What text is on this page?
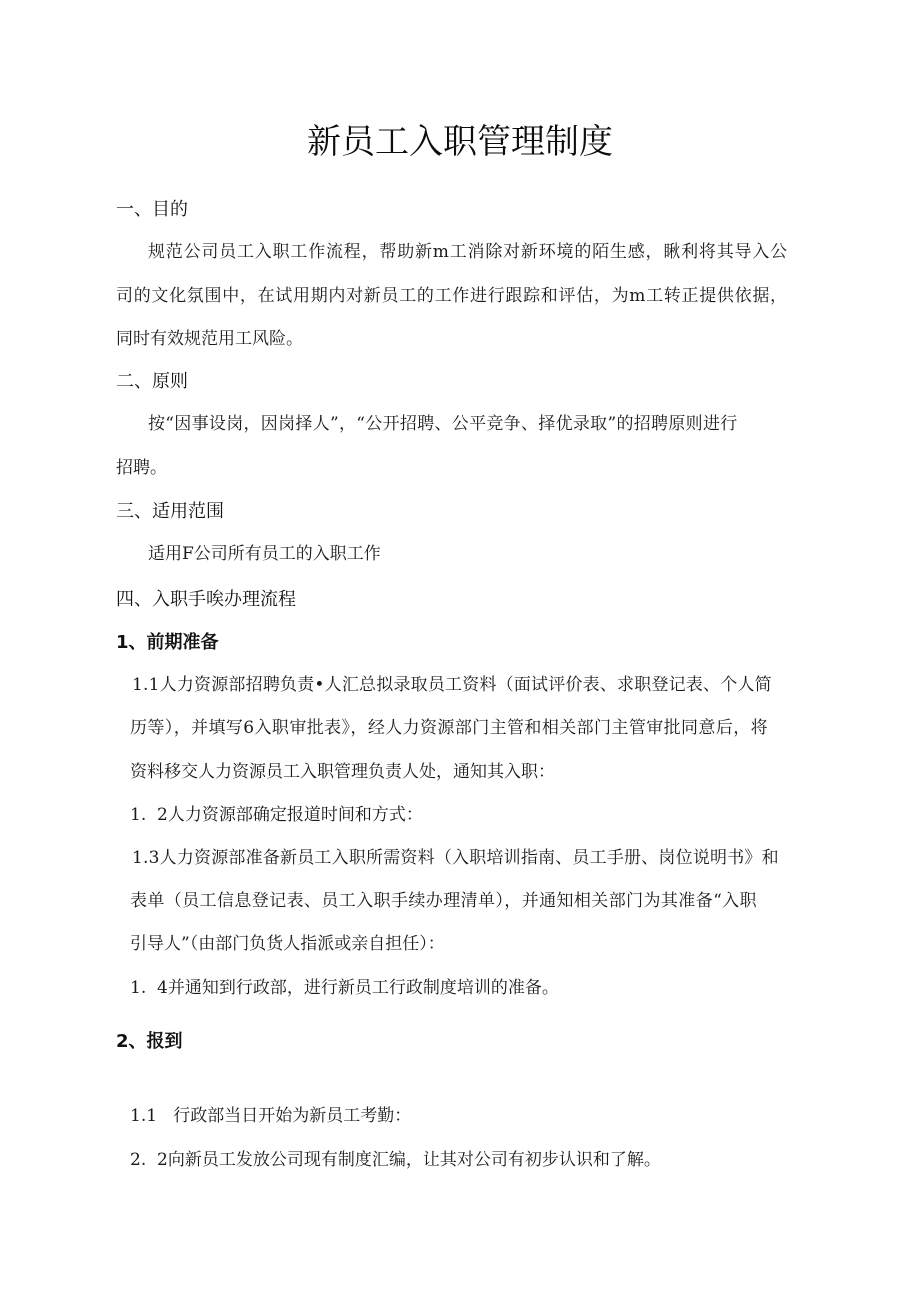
新员工入职管理制度
一、目的
规范公司员工入职工作流程，帮助新m工消除对新环境的陌生感，瞅利将其导入公
司的文化氛围中，在试用期内对新员工的工作进行跟踪和评估，为m工转正提供依据，
同时有效规范用工风险。
二、原则
按“因事设岗，因岗择人”，“公开招聘、公平竞争、择优录取”的招聘原则进行
招聘。
三、适用范围
适用F公司所有员工的入职工作
四、入职手唉办理流程
1、前期准备
1.1人力资源部招聘负责•人汇总拟录取员工资料（面试评价表、求职登记表、个人简
历等），并填写6入职审批表》，经人力资源部门主管和相关部门主管审批同意后，将
资料移交人力资源员工入职管理负责人处，通知其入职：
1.  2人力资源部确定报道时间和方式：
1.3人力资源部准备新员工入职所需资料（入职培训指南、员工手册、岗位说明书》和
表单（员工信息登记表、员工入职手续办理清单），并通知相关部门为其准备“入职
引导人”（由部门负货人指派或亲自担任）：
1.  4并通知到行政部，进行新员工行政制度培训的准备。
2、报到
1.1   行政部当日开始为新员工考勤：
2.  2向新员工发放公司现有制度汇编，让其对公司有初步认识和了解。
